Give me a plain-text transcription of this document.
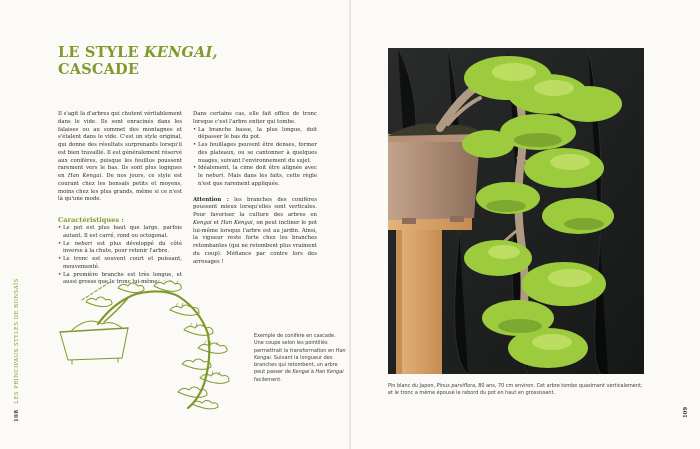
LE STYLE KENGAI,
CASCADE

Il s'agit là d'arbres qui chutent véritablement dans le vide. Ils sont enracinés dans les falaises ou au sommet des montagnes et s'étalent dans le vide. C'est un style original, qui donne des résultats surprenants lorsqu'il est bien travaillé. Il est généralement réservé aux conifères, puisque les feuillus poussent rarement vers le bas. Ils sont plus logiques en Han Kengai. De nos jours, ce style est courant chez les bonsaïs petits et moyens, moins chez les plus grands, même si ce n'est là qu'une mode.

Caractéristiques :
• Le pot est plus haut que large, parfois autant. Il est carré, rond ou octogonal.
• Le nebari est plus développé du côté inverse à la chute, pour retenir l'arbre.
• Le tronc est souvent court et puissant, mouvementé.
• La première branche est très longue, et aussi grosse que le tronc lui-même.

Dans certains cas, elle fait office de tronc lorsque c'est l'arbre entier qui tombe.

• La branche basse, la plus longue, doit dépasser le bas du pot.
• Les feuillages peuvent être denses, former des plateaux, ou se cantonner à quelques nuages, suivant l'environnement du sujet.
• Idéalement, la cime doit être alignée avec le nebari. Mais dans les faits, cette règle n'est que rarement appliquée.

Attention : les branches des conifères poussent mieux lorsqu'elles sont verticales. Pour favoriser la culture des arbres en Kengai et Han Kengai, on peut incliner le pot lui-même lorsque l'arbre est au jardin. Ainsi, la vigueur reste forte chez les branches retombantes (qui ne retombent plus vraiment du coup). Méfiance par contre lors des arrosages !

Exemple de conifère en cascade. Une coupe selon les pointillés permettrait la transformation en Han Kengai. Suivant la longueur des branches qui retombent, un arbre peut passer de Kengai à Han Kengai facilement.
108LES PRINCIPAUX STYLES DE BONSAÏS	Pin blanc du Japon, Pinus parviflora, 80 ans, 70 cm environ. Cet arbre tombe quasiment verticalement, et le tronc a même épousé le rebord du pot en haut en grossissant.
109
